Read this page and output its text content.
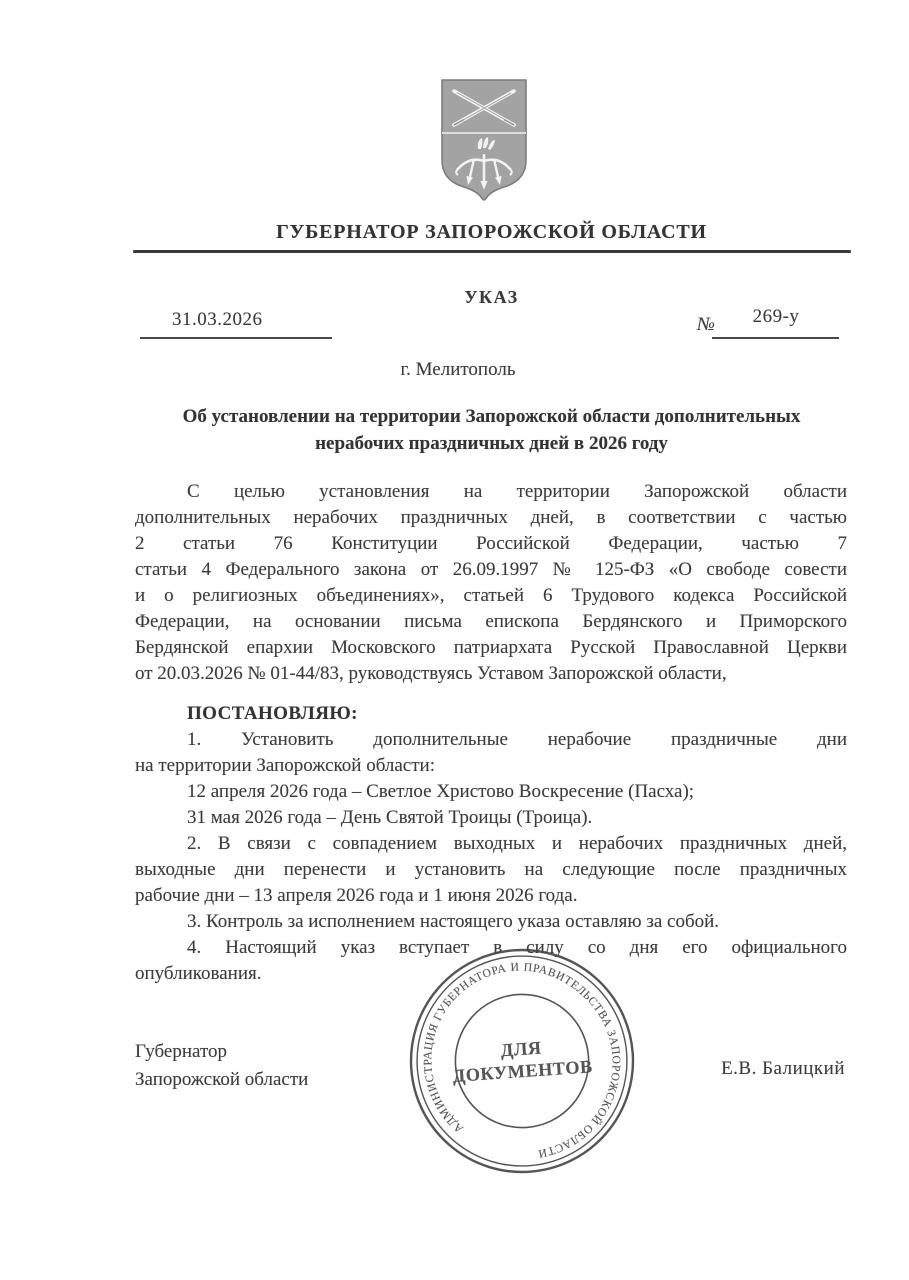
ГУБЕРНАТОР ЗАПОРОЖСКОЙ ОБЛАСТИ
УКАЗ
31.03.2026	№	269-у
г. Мелитополь
Об установлении на территории Запорожской области дополнительных
нерабочих праздничных дней в 2026 году
С целью установления на территории Запорожской области
дополнительных нерабочих праздничных дней, в соответствии с частью
2 статьи 76 Конституции Российской Федерации, частью 7
статьи 4 Федерального закона от 26.09.1997 № 125-ФЗ «О свободе совести
и о религиозных объединениях», статьей 6 Трудового кодекса Российской
Федерации, на основании письма епископа Бердянского и Приморского
Бердянской епархии Московского патриархата Русской Православной Церкви
от 20.03.2026 № 01-44/83, руководствуясь Уставом Запорожской области,
ПОСТАНОВЛЯЮ:
1. Установить дополнительные нерабочие праздничные дни
на территории Запорожской области:
12 апреля 2026 года – Светлое Христово Воскресение (Пасха);
31 мая 2026 года – День Святой Троицы (Троица).
2. В связи с совпадением выходных и нерабочих праздничных дней,
выходные дни перенести и установить на следующие после праздничных
рабочие дни – 13 апреля 2026 года и 1 июня 2026 года.
3. Контроль за исполнением настоящего указа оставляю за собой.
4. Настоящий указ вступает в силу со дня его официального
опубликования.
Губернатор
Запорожской области
Е.В. Балицкий
АДМИНИСТРАЦИЯ ГУБЕРНАТОРА И ПРАВИТЕЛЬСТВА ЗАПОРОЖСКОЙ ОБЛАСТИ
ДЛЯ
ДОКУМЕНТОВ
